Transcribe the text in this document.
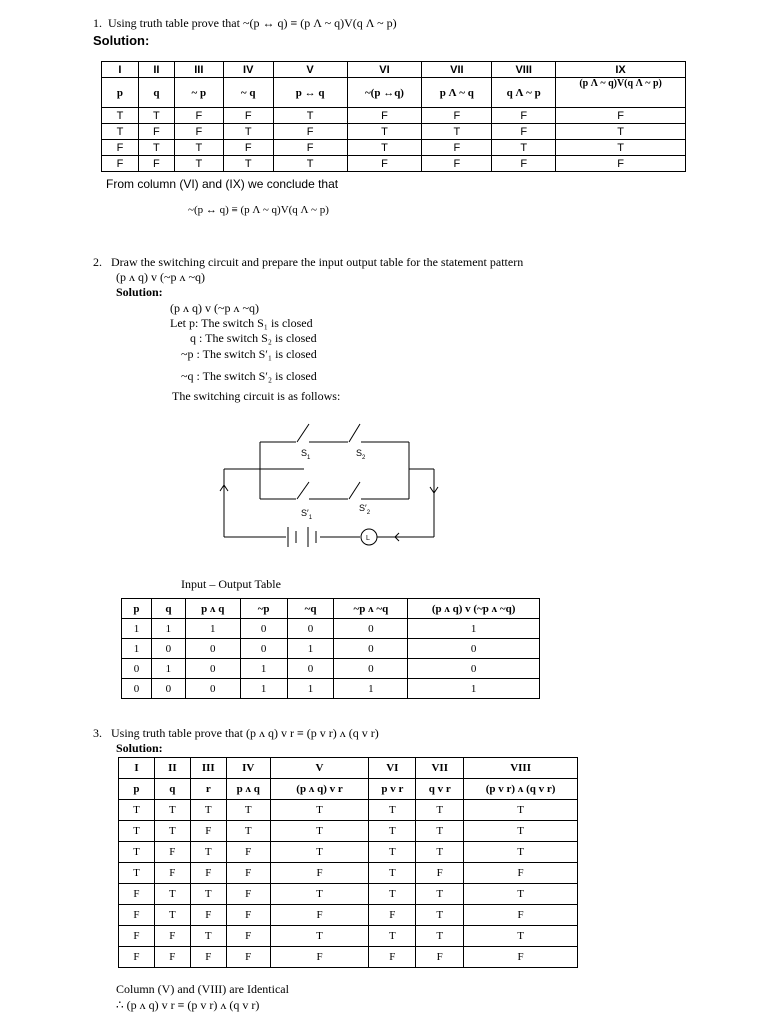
1. Using truth table prove that ~(p ↔ q) ≡ (p Λ ~ q)V(q Λ ~ p)
Solution:
I	II	III	IV	V	VI	VII	VIII	IX
p	q	~ p	~ q	p ↔ q	~(p ↔q)	p Λ ~ q	q Λ ~ p	(p Λ ~ q)V(q Λ ~ p)
T	T	F	F	T	F	F	F	F
T	F	F	T	F	T	T	F	T
F	T	T	F	F	T	F	T	T
F	F	T	T	T	F	F	F	F
From column (VI) and (IX) we conclude that
~(p ↔ q) ≡ (p Λ ~ q)V(q Λ ~ p)
2. Draw the switching circuit and prepare the input output table for the statement pattern
(p ʌ q) v (~p ʌ ~q)
Solution:
(p ʌ q) v (~p ʌ ~q)
Let p: The switch S₁ is closed
q : The switch S₂ is closed
~p : The switch S′₁ is closed
~q : The switch S′₂ is closed
The switching circuit is as follows:
$S_1$	$S_2$
$S'_1$
$S'_2$
L
Input – Output Table
p	q	p ʌ q	~p	~q	~p ʌ ~q	(p ʌ q) v (~p ʌ ~q)
1	1	1	0	0	0	1
1	0	0	0	1	0	0
0	1	0	1	0	0	0
0	0	0	1	1	1	1
3. Using truth table prove that (p ʌ q) v r ≡ (p v r) ʌ (q v r)
Solution:
I	II	III	IV	V	VI	VII	VIII
p	q	r	p ʌ q	(p ʌ q) v r	p v r	q v r	(p v r) ʌ (q v r)
T	T	T	T	T	T	T	T
T	T	F	T	T	T	T	T
T	F	T	F	T	T	T	T
T	F	F	F	F	T	F	F
F	T	T	F	T	T	T	T
F	T	F	F	F	F	T	F
F	F	T	F	T	T	T	T
F	F	F	F	F	F	F	F
Column (V) and (VIII) are Identical
∴ (p ʌ q) v r ≡ (p v r) ʌ (q v r)
